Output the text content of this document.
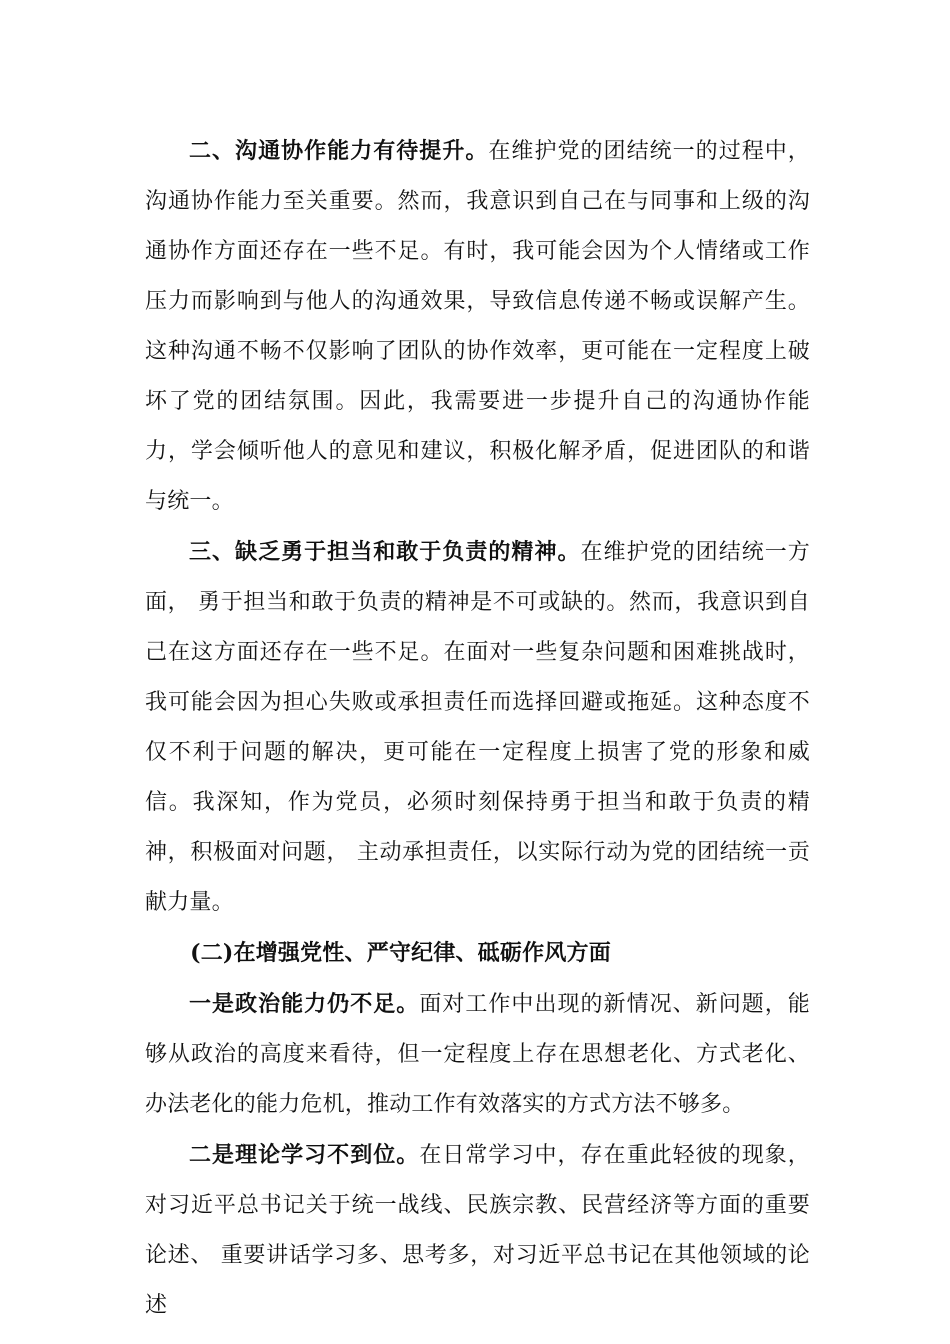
二、沟通协作能力有待提升。在维护党的团结统一的过程中，沟通协作能力至关重要。然而，我意识到自己在与同事和上级的沟通协作方面还存在一些不足。有时，我可能会因为个人情绪或工作压力而影响到与他人的沟通效果，导致信息传递不畅或误解产生。这种沟通不畅不仅影响了团队的协作效率，更可能在一定程度上破坏了党的团结氛围。因此，我需要进一步提升自己的沟通协作能力，学会倾听他人的意见和建议，积极化解矛盾，促进团队的和谐与统一。

三、缺乏勇于担当和敢于负责的精神。在维护党的团结统一方面， 勇于担当和敢于负责的精神是不可或缺的。然而，我意识到自己在这方面还存在一些不足。在面对一些复杂问题和困难挑战时，我可能会因为担心失败或承担责任而选择回避或拖延。这种态度不仅不利于问题的解决，更可能在一定程度上损害了党的形象和威信。我深知，作为党员，必须时刻保持勇于担当和敢于负责的精神，积极面对问题， 主动承担责任，以实际行动为党的团结统一贡献力量。

(二)在增强党性、严守纪律、砥砺作风方面

一是政治能力仍不足。面对工作中出现的新情况、新问题，能够从政治的高度来看待，但一定程度上存在思想老化、方式老化、办法老化的能力危机，推动工作有效落实的方式方法不够多。

二是理论学习不到位。在日常学习中，存在重此轻彼的现象，对习近平总书记关于统一战线、民族宗教、民营经济等方面的重要论述、 重要讲话学习多、思考多，对习近平总书记在其他领域的论述
